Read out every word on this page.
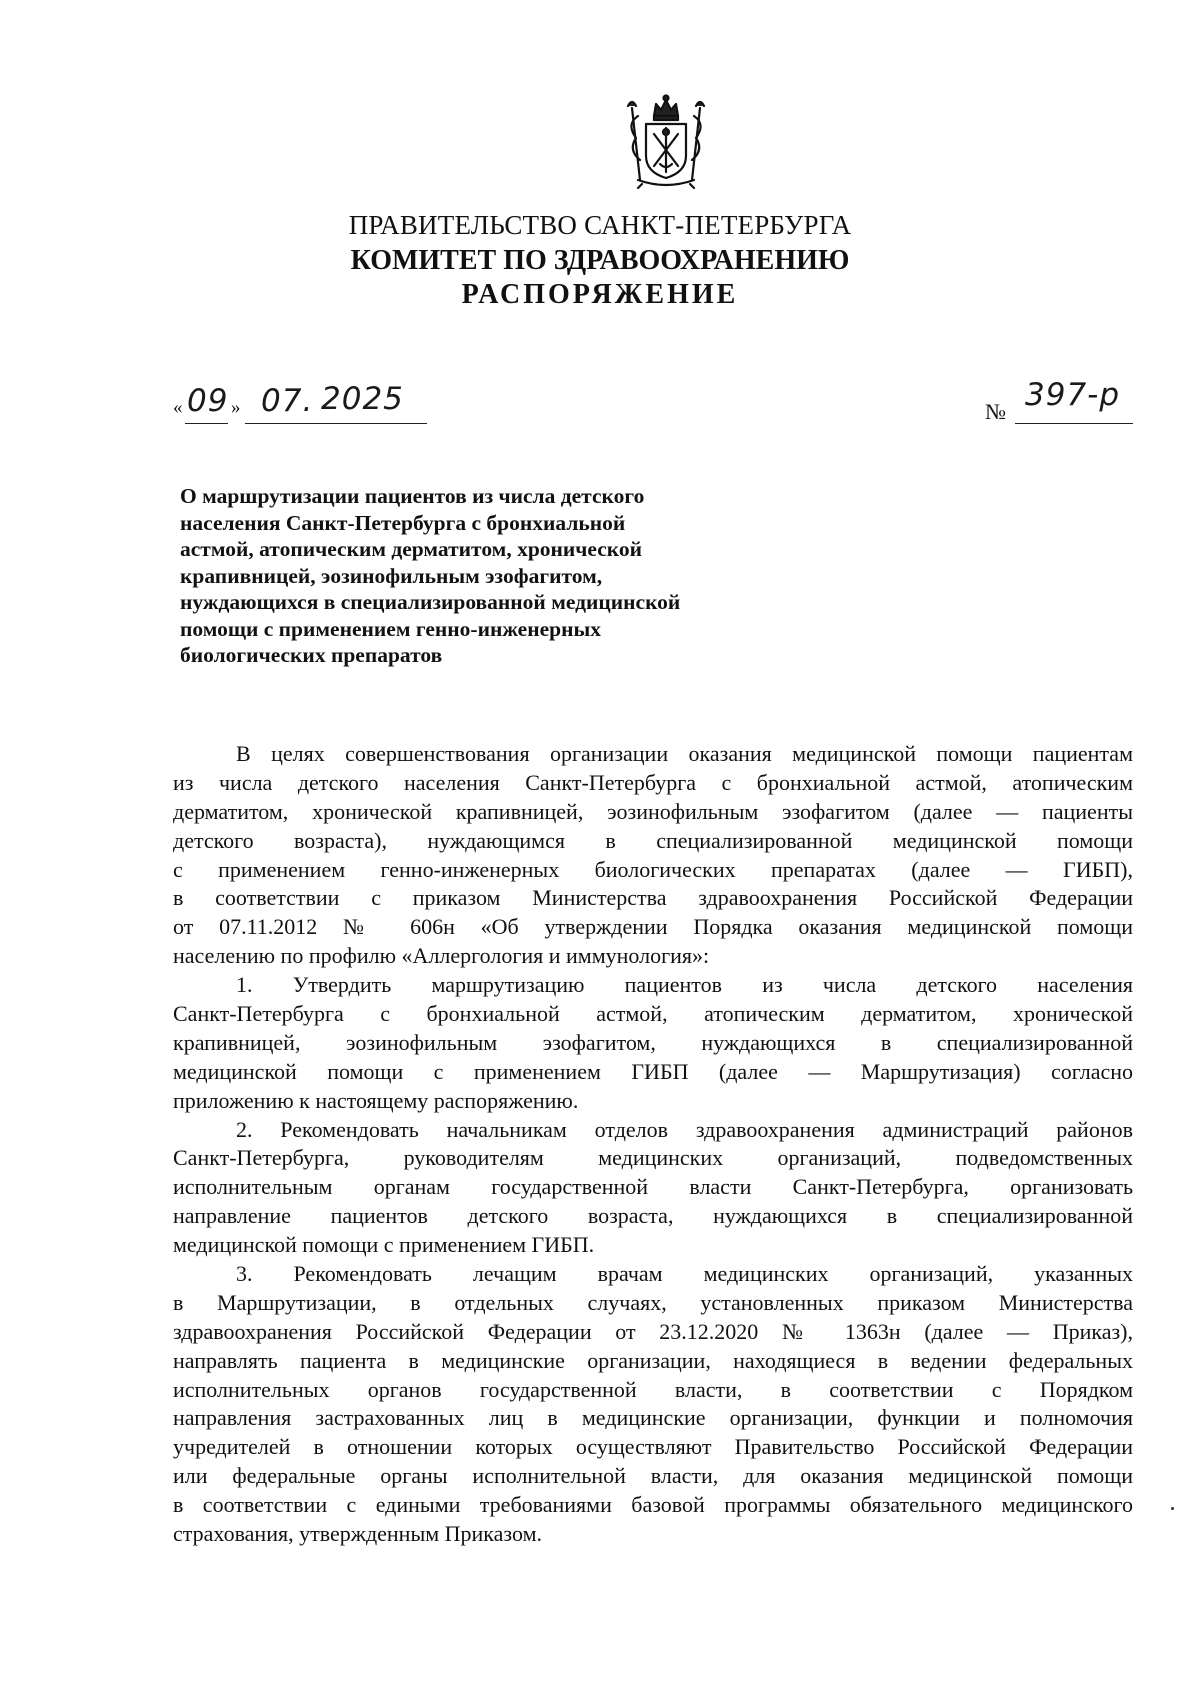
ПРАВИТЕЛЬСТВО САНКТ-ПЕТЕРБУРГА
КОМИТЕТ ПО ЗДРАВООХРАНЕНИЮ
РАСПОРЯЖЕНИЕ
« 09 » 07. 2025	№ 397-р
О маршрутизации пациентов из числа детского
населения Санкт-Петербурга с бронхиальной
астмой, атопическим дерматитом, хронической
крапивницей, эозинофильным эзофагитом,
нуждающихся в специализированной медицинской
помощи с применением генно-инженерных
биологических препаратов
В целях совершенствования организации оказания медицинской помощи пациентам
из числа детского населения Санкт-Петербурга с бронхиальной астмой, атопическим
дерматитом, хронической крапивницей, эозинофильным эзофагитом (далее — пациенты
детского возраста), нуждающимся в специализированной медицинской помощи
с применением генно-инженерных биологических препаратах (далее — ГИБП),
в соответствии с приказом Министерства здравоохранения Российской Федерации
от 07.11.2012 № 606н «Об утверждении Порядка оказания медицинской помощи
населению по профилю «Аллергология и иммунология»:
1. Утвердить маршрутизацию пациентов из числа детского населения
Санкт-Петербурга с бронхиальной астмой, атопическим дерматитом, хронической
крапивницей, эозинофильным эзофагитом, нуждающихся в специализированной
медицинской помощи с применением ГИБП (далее — Маршрутизация) согласно
приложению к настоящему распоряжению.
2. Рекомендовать начальникам отделов здравоохранения администраций районов
Санкт-Петербурга, руководителям медицинских организаций, подведомственных
исполнительным органам государственной власти Санкт-Петербурга, организовать
направление пациентов детского возраста, нуждающихся в специализированной
медицинской помощи с применением ГИБП.
3. Рекомендовать лечащим врачам медицинских организаций, указанных
в Маршрутизации, в отдельных случаях, установленных приказом Министерства
здравоохранения Российской Федерации от 23.12.2020 № 1363н (далее — Приказ),
направлять пациента в медицинские организации, находящиеся в ведении федеральных
исполнительных органов государственной власти, в соответствии с Порядком
направления застрахованных лиц в медицинские организации, функции и полномочия
учредителей в отношении которых осуществляют Правительство Российской Федерации
или федеральные органы исполнительной власти, для оказания медицинской помощи
в соответствии с едиными требованиями базовой программы обязательного медицинского
страхования, утвержденным Приказом.
